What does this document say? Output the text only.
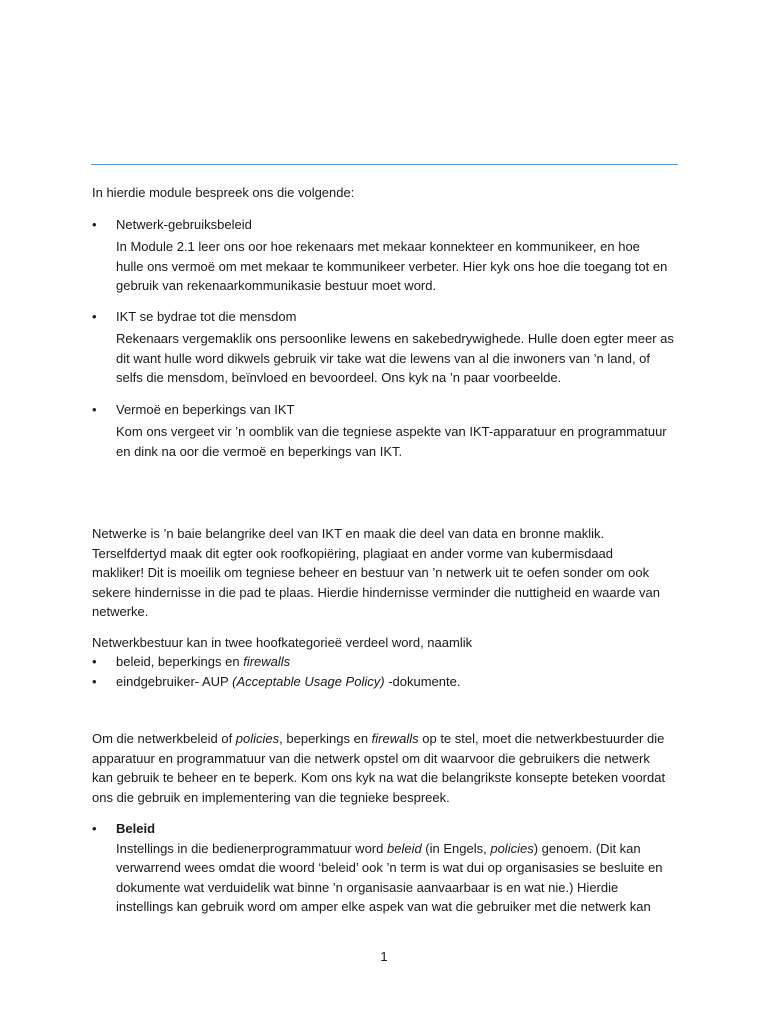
In hierdie module bespreek ons die volgende:

• Netwerk-gebruiksbeleid

In Module 2.1 leer ons oor hoe rekenaars met mekaar konnekteer en kommunikeer, en hoe

hulle ons vermoë om met mekaar te kommunikeer verbeter. Hier kyk ons hoe die toegang tot en

gebruik van rekenaarkommunikasie bestuur moet word.

• IKT se bydrae tot die mensdom

Rekenaars vergemaklik ons persoonlike lewens en sakebedrywighede. Hulle doen egter meer as

dit want hulle word dikwels gebruik vir take wat die lewens van al die inwoners van ’n land, of

selfs die mensdom, beïnvloed en bevoordeel. Ons kyk na ’n paar voorbeelde.

• Vermoë en beperkings van IKT

Kom ons vergeet vir ’n oomblik van die tegniese aspekte van IKT-apparatuur en programmatuur

en dink na oor die vermoë en beperkings van IKT.

Netwerke is ’n baie belangrike deel van IKT en maak die deel van data en bronne maklik.

Terselfdertyd maak dit egter ook roofkopiëring, plagiaat en ander vorme van kubermisdaad

makliker! Dit is moeilik om tegniese beheer en bestuur van ’n netwerk uit te oefen sonder om ook

sekere hindernisse in die pad te plaas. Hierdie hindernisse verminder die nuttigheid en waarde van

netwerke.

Netwerkbestuur kan in twee hoofkategorieë verdeel word, naamlik

• beleid, beperkings en firewalls

• eindgebruiker- AUP (Acceptable Usage Policy) -dokumente.

Om die netwerkbeleid of policies, beperkings en firewalls op te stel, moet die netwerkbestuurder die

apparatuur en programmatuur van die netwerk opstel om dit waarvoor die gebruikers die netwerk

kan gebruik te beheer en te beperk. Kom ons kyk na wat die belangrikste konsepte beteken voordat

ons die gebruik en implementering van die tegnieke bespreek.

• Beleid

Instellings in die bedienerprogrammatuur word beleid (in Engels, policies) genoem. (Dit kan

verwarrend wees omdat die woord ‘beleid’ ook ’n term is wat dui op organisasies se besluite en

dokumente wat verduidelik wat binne ’n organisasie aanvaarbaar is en wat nie.) Hierdie

instellings kan gebruik word om amper elke aspek van wat die gebruiker met die netwerk kan

1
